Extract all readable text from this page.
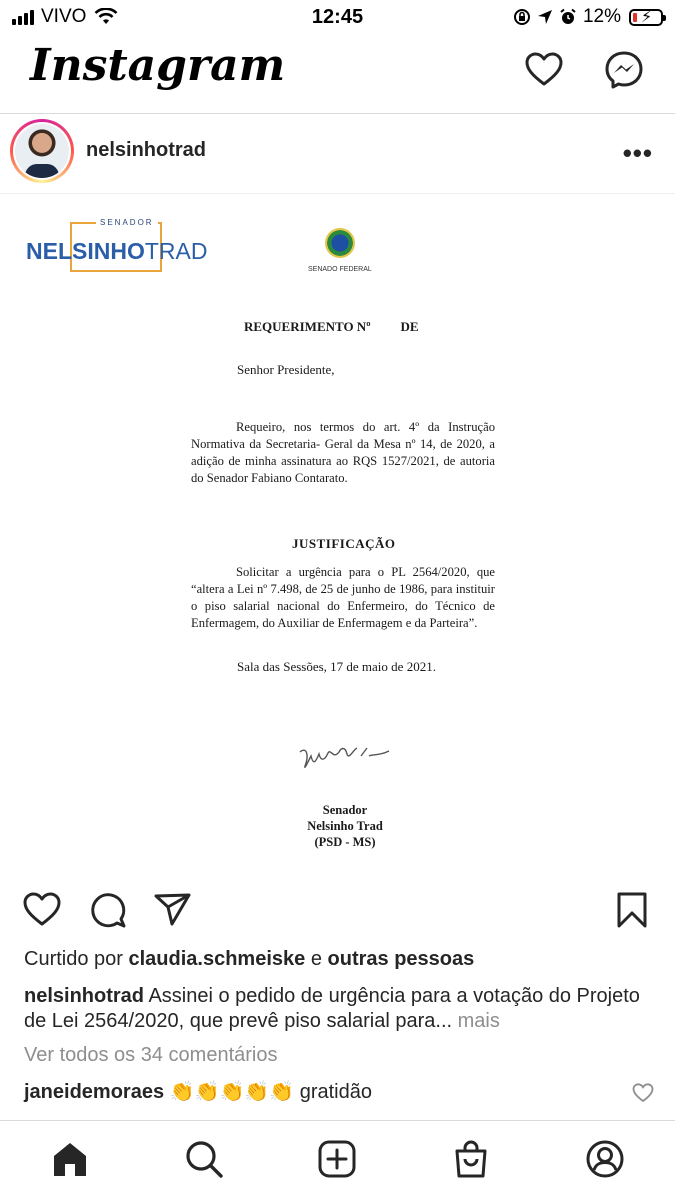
VIVO	12:45	12% ⚡
Instagram
nelsinhotrad	•••
SENADOR
NELSINHOTRAD
SENADO FEDERAL
REQUERIMENTO Nº DE
Senhor Presidente,
Requeiro, nos termos do art. 4º da Instrução Normativa da Secretaria- Geral da Mesa nº 14, de 2020, a adição de minha assinatura ao RQS 1527/2021, de autoria do Senador Fabiano Contarato.
JUSTIFICAÇÃO
Solicitar a urgência para o PL 2564/2020, que “altera a Lei nº 7.498, de 25 de junho de 1986, para instituir o piso salarial nacional do Enfermeiro, do Técnico de Enfermagem, do Auxiliar de Enfermagem e da Parteira”.
Sala das Sessões, 17 de maio de 2021.
Senador
Nelsinho Trad
(PSD - MS)
Curtido por claudia.schmeiske e outras pessoas
nelsinhotrad Assinei o pedido de urgência para a votação do Projeto de Lei 2564/2020, que prevê piso salarial para... mais
Ver todos os 34 comentários
janeidemoraes 👏👏👏👏👏 gratidão
